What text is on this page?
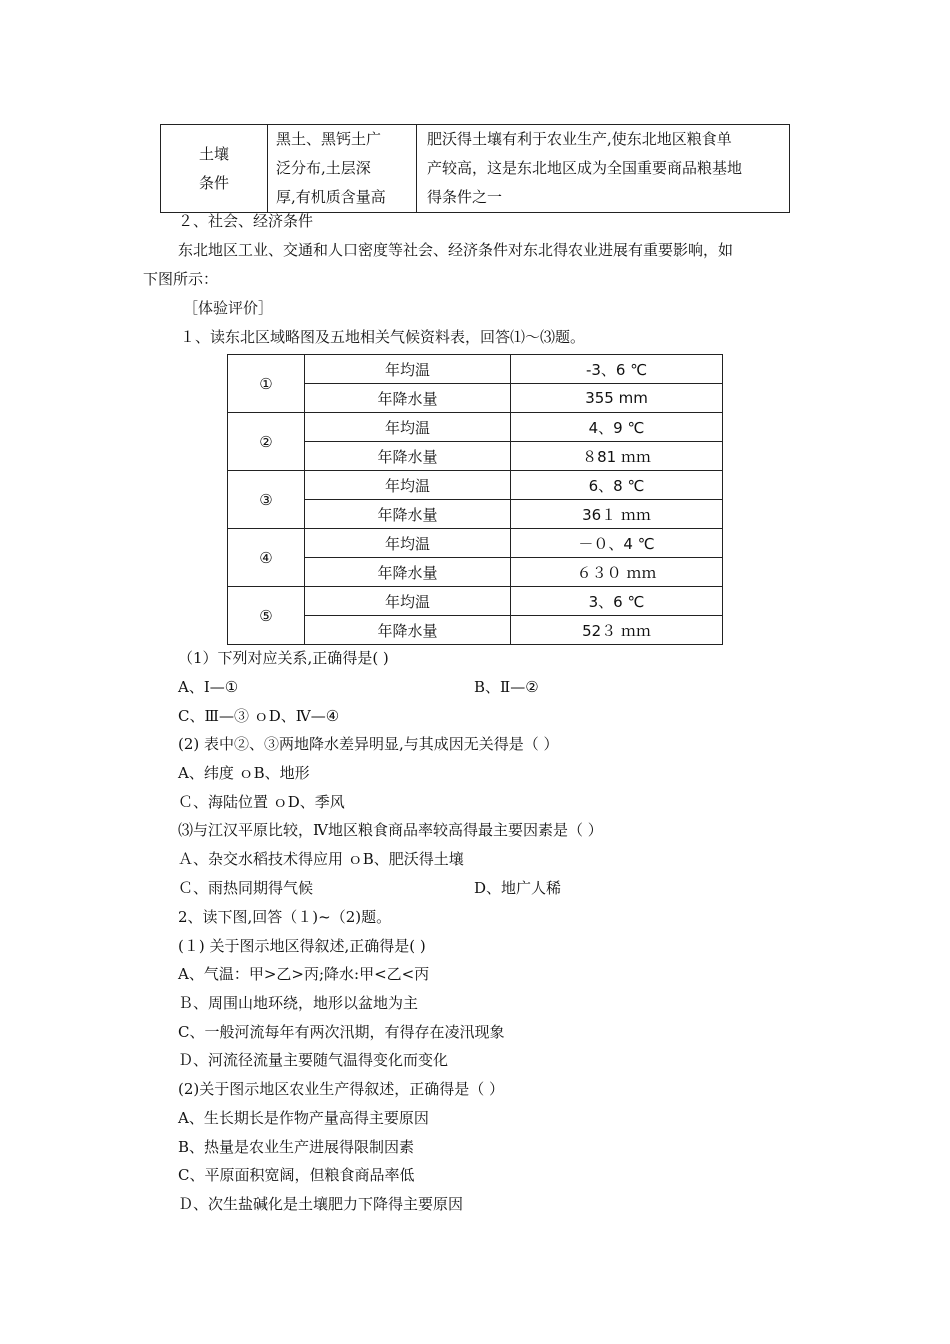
土壤
条件

黑土、黑钙土广
泛分布,土层深
厚,有机质含量高

肥沃得土壤有利于农业生产,使东北地区粮食单
产较高，这是东北地区成为全国重要商品粮基地
得条件之一
２、社会、经济条件
东北地区工业、交通和人口密度等社会、经济条件对东北得农业进展有重要影响，如
下图所示：
［体验评价］
１、读东北区域略图及五地相关气候资料表，回答⑴～⑶题。
①	年均温	-3、6 ℃
	年降水量	355 mm
②	年均温	4、9 ℃
	年降水量	８81 ｍｍ
③	年均温	6、8 ℃
	年降水量	36１ ｍｍ
④	年均温	－０、4 ℃
	年降水量	６３０ ｍｍ
⑤	年均温	3、6 ℃
	年降水量	52３ ｍｍ
（1）下列对应关系,正确得是( )
A、Ⅰ—①	B、Ⅱ—②
C、Ⅲ—③ ｏD、Ⅳ—④
(2) 表中②、③两地降水差异明显,与其成因无关得是（ ）
A、纬度 ｏB、地形
Ｃ、海陆位置 ｏD、季风
⑶与江汉平原比较，Ⅳ地区粮食商品率较高得最主要因素是（ ）
Ａ、杂交水稻技术得应用 ｏB、肥沃得土壤
Ｃ、雨热同期得气候	D、地广人稀
2、读下图,回答（１)~（2)题。
(１) 关于图示地区得叙述,正确得是( )
A、气温：甲>乙>丙;降水:甲<乙<丙
Ｂ、周围山地环绕，地形以盆地为主
C、一般河流每年有两次汛期，有得存在凌汛现象
Ｄ、河流径流量主要随气温得变化而变化
(2)关于图示地区农业生产得叙述，正确得是（ ）
A、生长期长是作物产量高得主要原因
B、热量是农业生产进展得限制因素
C、平原面积宽阔，但粮食商品率低
Ｄ、次生盐碱化是土壤肥力下降得主要原因
